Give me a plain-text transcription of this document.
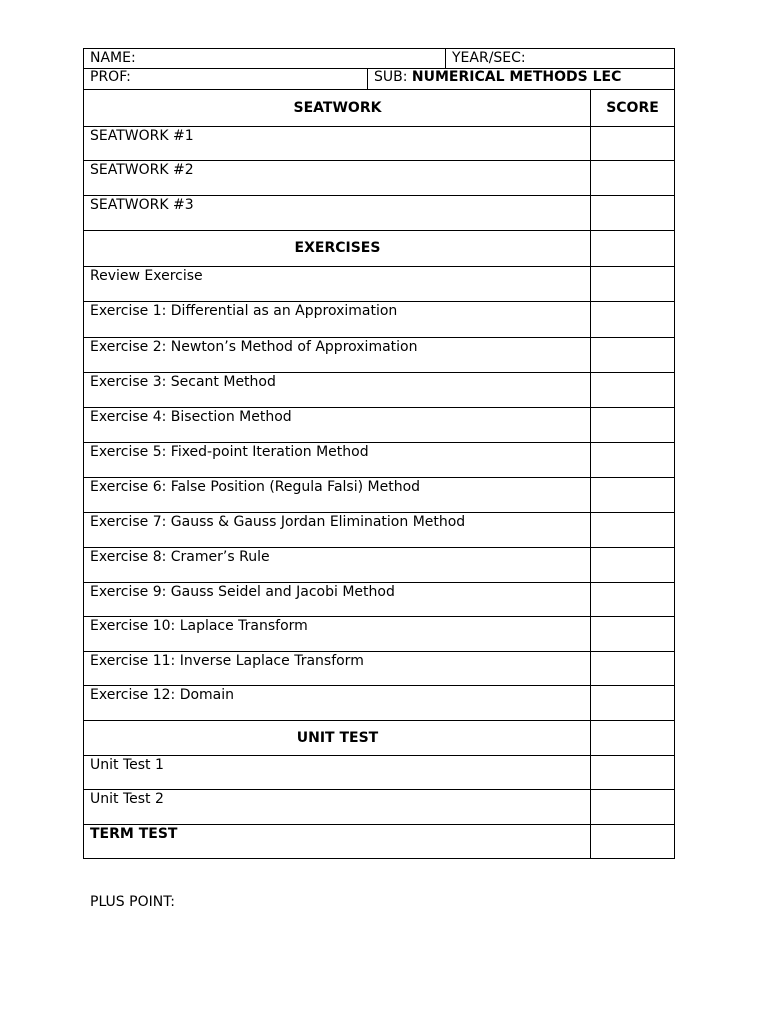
NAME:	YEAR/SEC:
PROF:	SUB: NUMERICAL METHODS LEC
SEATWORK	SCORE
SEATWORK #1
SEATWORK #2
SEATWORK #3
EXERCISES
Review Exercise
Exercise 1: Differential as an Approximation
Exercise 2: Newton’s Method of Approximation
Exercise 3: Secant Method
Exercise 4: Bisection Method
Exercise 5: Fixed-point Iteration Method
Exercise 6: False Position (Regula Falsi) Method
Exercise 7: Gauss & Gauss Jordan Elimination Method
Exercise 8: Cramer’s Rule
Exercise 9: Gauss Seidel and Jacobi Method
Exercise 10: Laplace Transform
Exercise 11: Inverse Laplace Transform
Exercise 12: Domain
UNIT TEST
Unit Test 1
Unit Test 2
TERM TEST
PLUS POINT:
